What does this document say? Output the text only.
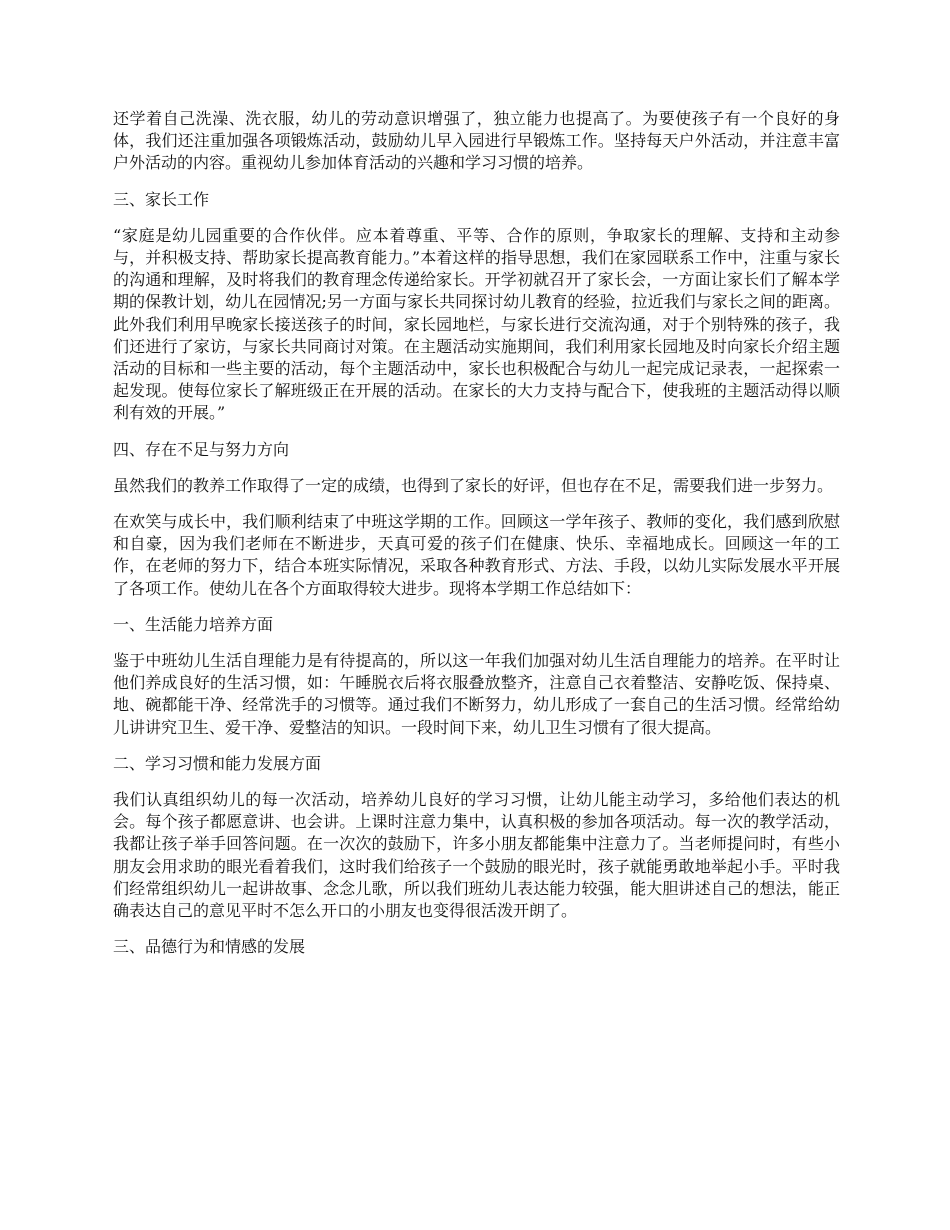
还学着自己洗澡、洗衣服，幼儿的劳动意识增强了，独立能力也提高了。为要使孩子有一个良好的身体，我们还注重加强各项锻炼活动，鼓励幼儿早入园进行早锻炼工作。坚持每天户外活动，并注意丰富户外活动的内容。重视幼儿参加体育活动的兴趣和学习习惯的培养。

三、家长工作

“家庭是幼儿园重要的合作伙伴。应本着尊重、平等、合作的原则，争取家长的理解、支持和主动参与，并积极支持、帮助家长提高教育能力。”本着这样的指导思想，我们在家园联系工作中，注重与家长的沟通和理解，及时将我们的教育理念传递给家长。开学初就召开了家长会，一方面让家长们了解本学期的保教计划，幼儿在园情况;另一方面与家长共同探讨幼儿教育的经验，拉近我们与家长之间的距离。此外我们利用早晚家长接送孩子的时间，家长园地栏，与家长进行交流沟通，对于个别特殊的孩子，我们还进行了家访，与家长共同商讨对策。在主题活动实施期间，我们利用家长园地及时向家长介绍主题活动的目标和一些主要的活动，每个主题活动中，家长也积极配合与幼儿一起完成记录表，一起探索一起发现。使每位家长了解班级正在开展的活动。在家长的大力支持与配合下，使我班的主题活动得以顺利有效的开展。”

四、存在不足与努力方向

虽然我们的教养工作取得了一定的成绩，也得到了家长的好评，但也存在不足，需要我们进一步努力。

在欢笑与成长中，我们顺利结束了中班这学期的工作。回顾这一学年孩子、教师的变化，我们感到欣慰和自豪，因为我们老师在不断进步，天真可爱的孩子们在健康、快乐、幸福地成长。回顾这一年的工作，在老师的努力下，结合本班实际情况，采取各种教育形式、方法、手段，以幼儿实际发展水平开展了各项工作。使幼儿在各个方面取得较大进步。现将本学期工作总结如下：

一、生活能力培养方面

鉴于中班幼儿生活自理能力是有待提高的，所以这一年我们加强对幼儿生活自理能力的培养。在平时让他们养成良好的生活习惯，如：午睡脱衣后将衣服叠放整齐，注意自己衣着整洁、安静吃饭、保持桌、地、碗都能干净、经常洗手的习惯等。通过我们不断努力，幼儿形成了一套自己的生活习惯。经常给幼儿讲讲究卫生、爱干净、爱整洁的知识。一段时间下来，幼儿卫生习惯有了很大提高。

二、学习习惯和能力发展方面

我们认真组织幼儿的每一次活动，培养幼儿良好的学习习惯，让幼儿能主动学习，多给他们表达的机会。每个孩子都愿意讲、也会讲。上课时注意力集中，认真积极的参加各项活动。每一次的教学活动，我都让孩子举手回答问题。在一次次的鼓励下，许多小朋友都能集中注意力了。当老师提问时，有些小朋友会用求助的眼光看着我们，这时我们给孩子一个鼓励的眼光时，孩子就能勇敢地举起小手。平时我们经常组织幼儿一起讲故事、念念儿歌，所以我们班幼儿表达能力较强，能大胆讲述自己的想法，能正确表达自己的意见平时不怎么开口的小朋友也变得很活泼开朗了。

三、品德行为和情感的发展
